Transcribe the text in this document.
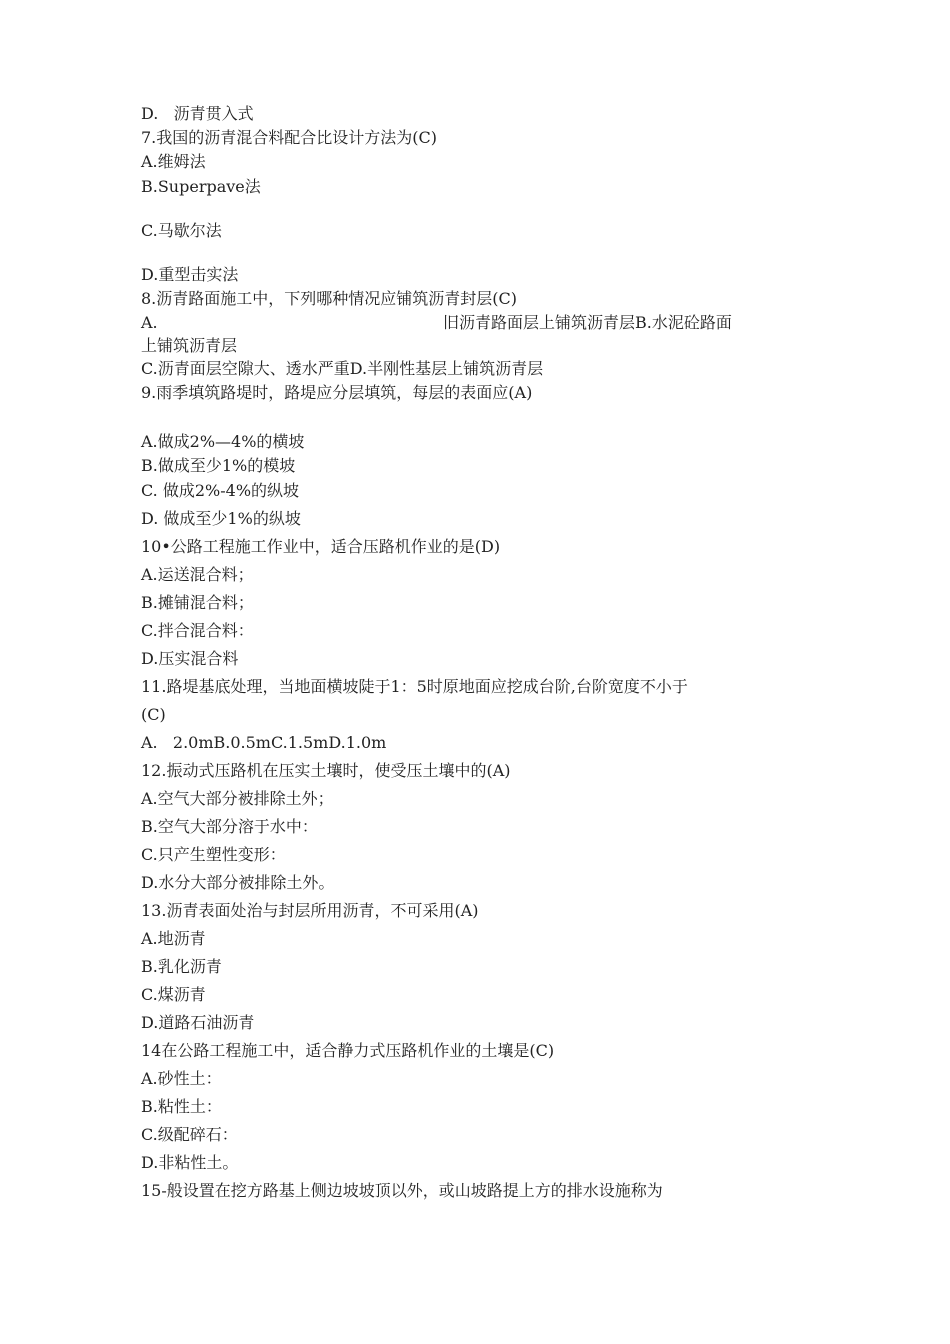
D.   沥青贯入式
7.我国的沥青混合料配合比设计方法为(C)
A.维姆法
B.Superpave法
C.马歇尔法
D.重型击实法
8.沥青路面施工中，下列哪种情况应铺筑沥青封层(C)
A.	旧沥青路面层上铺筑沥青层B.水泥砼路面
上铺筑沥青层
C.沥青面层空隙大、透水严重D.半刚性基层上铺筑沥青层
9.雨季填筑路堤时，路堤应分层填筑，每层的表面应(A)
A.做成2%—4%的横坡
B.做成至少1%的模坡
C. 做成2%-4%的纵坡
D. 做成至少1%的纵坡
10•公路工程施工作业中，适合压路机作业的是(D)
A.运送混合料；
B.摊铺混合料；
C.拌合混合料：
D.压实混合料
11.路堤基底处理，当地面横坡陡于1：5时原地面应挖成台阶,台阶宽度不小于
(C)
A.   2.0mB.0.5mC.1.5mD.1.0m
12.振动式压路机在压实土壤时，使受压土壤中的(A)
A.空气大部分被排除土外；
B.空气大部分溶于水中：
C.只产生塑性变形：
D.水分大部分被排除土外。
13.沥青表面处治与封层所用沥青，不可采用(A)
A.地沥青
B.乳化沥青
C.煤沥青
D.道路石油沥青
14在公路工程施工中，适合静力式压路机作业的土壤是(C)
A.砂性土：
B.粘性土：
C.级配碎石：
D.非粘性土。
15-般设置在挖方路基上侧边坡坡顶以外，或山坡路提上方的排水设施称为
